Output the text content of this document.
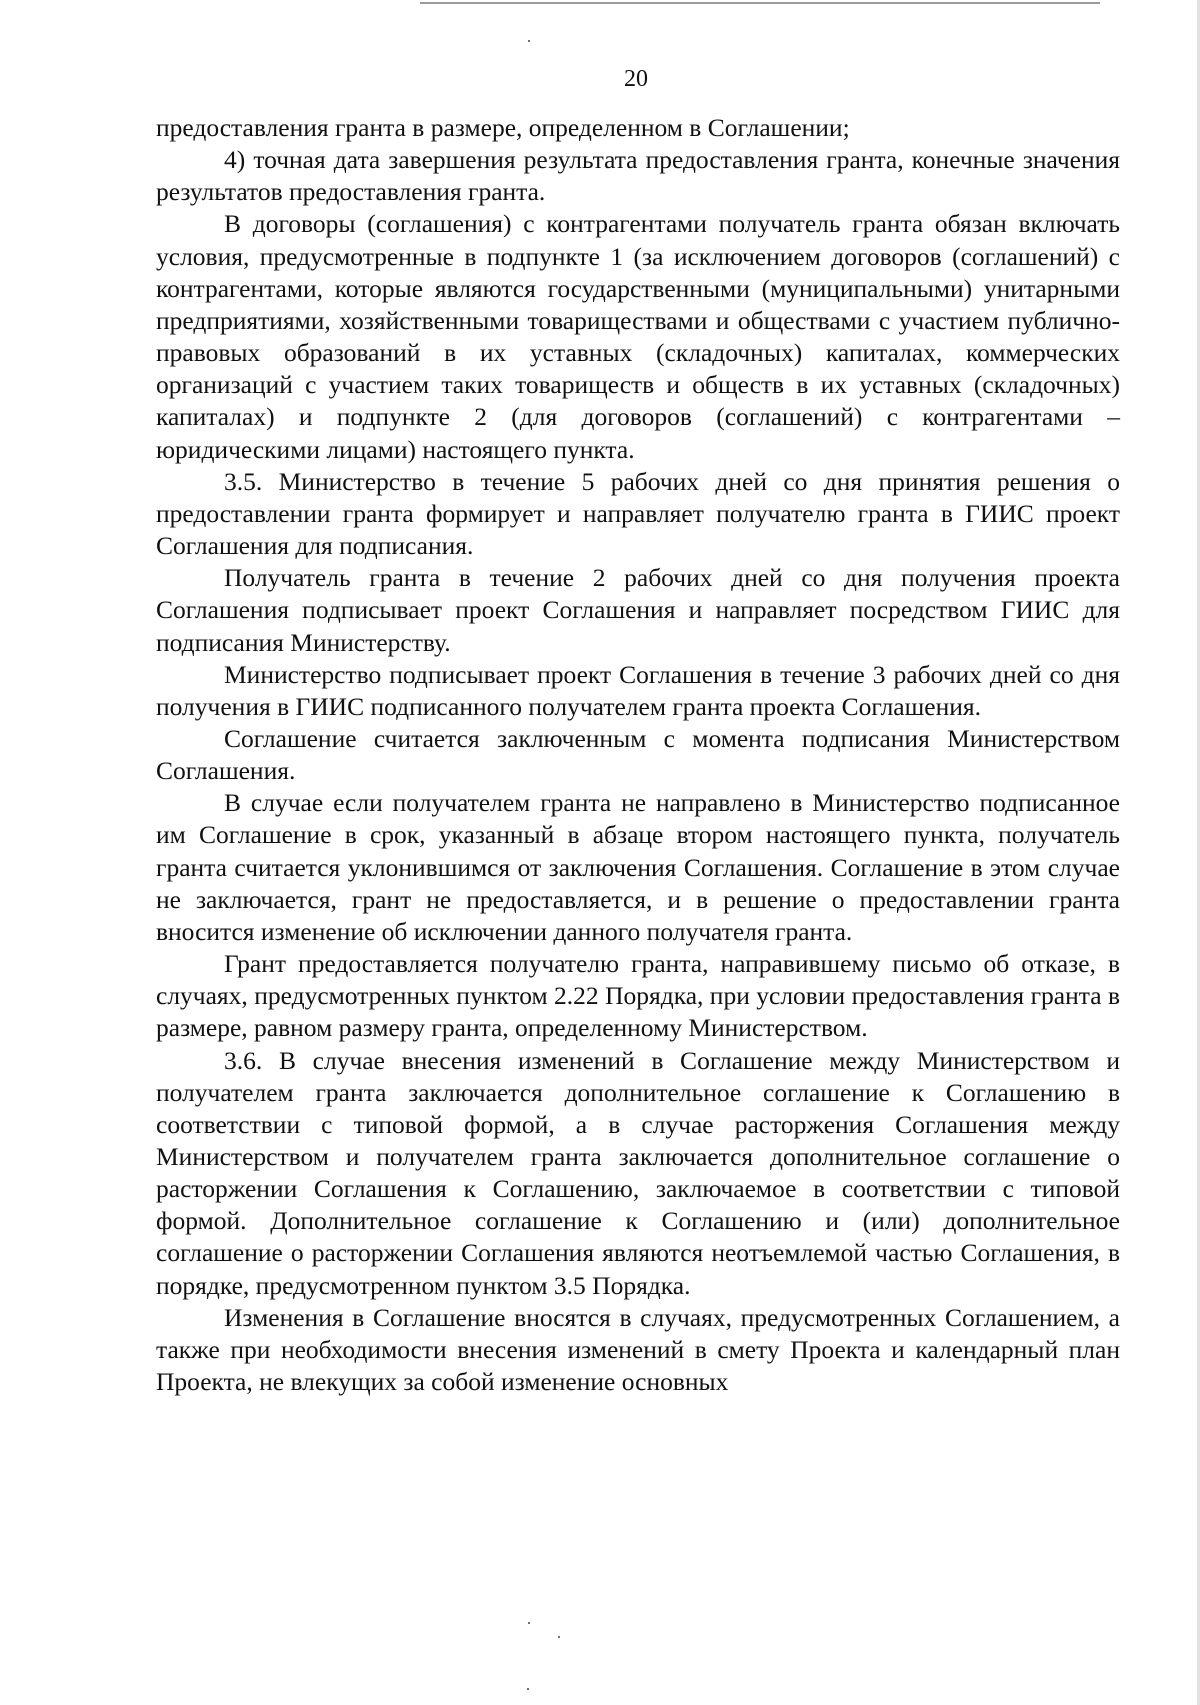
20

предоставления гранта в размере, определенном в Соглашении;

4) точная дата завершения результата предоставления гранта, конечные значения результатов предоставления гранта.

В договоры (соглашения) с контрагентами получатель гранта обязан включать условия, предусмотренные в подпункте 1 (за исключением договоров (соглашений) с контрагентами, которые являются государственными (муниципальными) унитарными предприятиями, хозяйственными товариществами и обществами с участием публично-правовых образований в их уставных (складочных) капиталах, коммерческих организаций с участием таких товариществ и обществ в их уставных (складочных) капиталах) и подпункте 2 (для договоров (соглашений) с контрагентами – юридическими лицами) настоящего пункта.

3.5. Министерство в течение 5 рабочих дней со дня принятия решения о предоставлении гранта формирует и направляет получателю гранта в ГИИС проект Соглашения для подписания.

Получатель гранта в течение 2 рабочих дней со дня получения проекта Соглашения подписывает проект Соглашения и направляет посредством ГИИС для подписания Министерству.

Министерство подписывает проект Соглашения в течение 3 рабочих дней со дня получения в ГИИС подписанного получателем гранта проекта Соглашения.

Соглашение считается заключенным с момента подписания Министерством Соглашения.

В случае если получателем гранта не направлено в Министерство подписанное им Соглашение в срок, указанный в абзаце втором настоящего пункта, получатель гранта считается уклонившимся от заключения Соглашения. Соглашение в этом случае не заключается, грант не предоставляется, и в решение о предоставлении гранта вносится изменение об исключении данного получателя гранта.

Грант предоставляется получателю гранта, направившему письмо об отказе, в случаях, предусмотренных пунктом 2.22 Порядка, при условии предоставления гранта в размере, равном размеру гранта, определенному Министерством.

3.6. В случае внесения изменений в Соглашение между Министерством и получателем гранта заключается дополнительное соглашение к Соглашению в соответствии с типовой формой, а в случае расторжения Соглашения между Министерством и получателем гранта заключается дополнительное соглашение о расторжении Соглашения к Соглашению, заключаемое в соответствии с типовой формой. Дополнительное соглашение к Соглашению и (или) дополнительное соглашение о расторжении Соглашения являются неотъемлемой частью Соглашения, в порядке, предусмотренном пунктом 3.5 Порядка.

Изменения в Соглашение вносятся в случаях, предусмотренных Соглашением, а также при необходимости внесения изменений в смету Проекта и календарный план Проекта, не влекущих за собой изменение основных
